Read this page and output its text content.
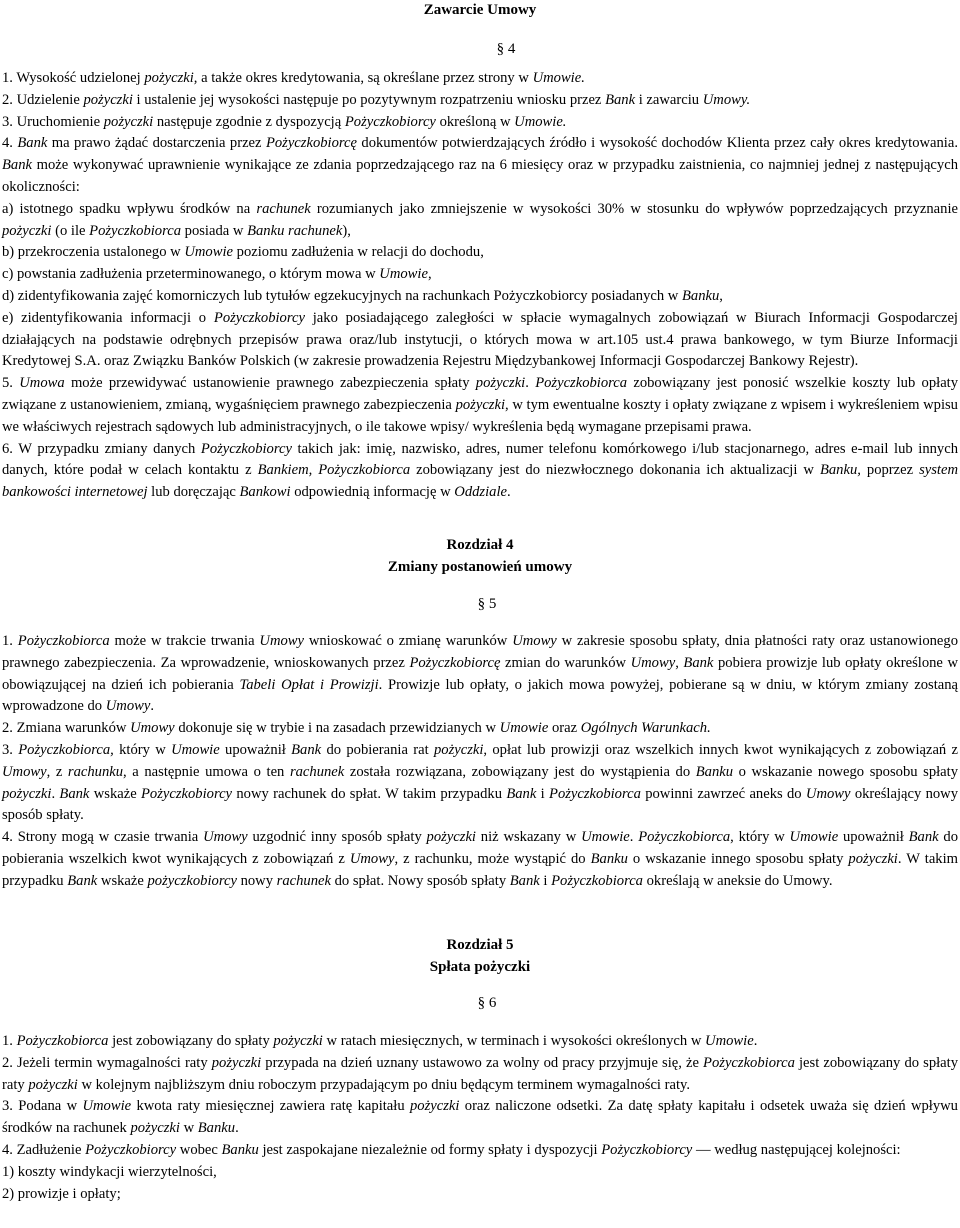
Zawarcie Umowy
§ 4

1. Wysokość udzielonej pożyczki, a także okres kredytowania, są określane przez strony w Umowie.

2. Udzielenie pożyczki i ustalenie jej wysokości następuje po pozytywnym rozpatrzeniu wniosku przez Bank i zawarciu Umowy.

3. Uruchomienie pożyczki następuje zgodnie z dyspozycją Pożyczkobiorcy określoną w Umowie.

4. Bank ma prawo żądać dostarczenia przez Pożyczkobiorcę dokumentów potwierdzających źródło i wysokość dochodów Klienta przez cały okres kredytowania. Bank może wykonywać uprawnienie wynikające ze zdania poprzedzającego raz na 6 miesięcy oraz w przypadku zaistnienia, co najmniej jednej z następujących okoliczności:

a) istotnego spadku wpływu środków na rachunek rozumianych jako zmniejszenie w wysokości 30% w stosunku do wpływów poprzedzających przyznanie pożyczki (o ile Pożyczkobiorca posiada w Banku rachunek),

b) przekroczenia ustalonego w Umowie poziomu zadłużenia w relacji do dochodu,

c) powstania zadłużenia przeterminowanego, o którym mowa w Umowie,

d) zidentyfikowania zajęć komorniczych lub tytułów egzekucyjnych na rachunkach Pożyczkobiorcy posiadanych w Banku,

e) zidentyfikowania informacji o Pożyczkobiorcy jako posiadającego zaległości w spłacie wymagalnych zobowiązań w Biurach Informacji Gospodarczej działających na podstawie odrębnych przepisów prawa oraz/lub instytucji, o których mowa w art.105 ust.4 prawa bankowego, w tym Biurze Informacji Kredytowej S.A. oraz Związku Banków Polskich (w zakresie prowadzenia Rejestru Międzybankowej Informacji Gospodarczej Bankowy Rejestr).

5. Umowa może przewidywać ustanowienie prawnego zabezpieczenia spłaty pożyczki. Pożyczkobiorca zobowiązany jest ponosić wszelkie koszty lub opłaty związane z ustanowieniem, zmianą, wygaśnięciem prawnego zabezpieczenia pożyczki, w tym ewentualne koszty i opłaty związane z wpisem i wykreśleniem wpisu we właściwych rejestrach sądowych lub administracyjnych, o ile takowe wpisy/ wykreślenia będą wymagane przepisami prawa.

6. W przypadku zmiany danych Pożyczkobiorcy takich jak: imię, nazwisko, adres, numer telefonu komórkowego i/lub stacjonarnego, adres e-mail lub innych danych, które podał w celach kontaktu z Bankiem, Pożyczkobiorca zobowiązany jest do niezwłocznego dokonania ich aktualizacji w Banku, poprzez system bankowości internetowej lub doręczając Bankowi odpowiednią informację w Oddziale.

Rozdział 4
Zmiany postanowień umowy
§ 5

1. Pożyczkobiorca może w trakcie trwania Umowy wnioskować o zmianę warunków Umowy w zakresie sposobu spłaty, dnia płatności raty oraz ustanowionego prawnego zabezpieczenia. Za wprowadzenie, wnioskowanych przez Pożyczkobiorcę zmian do warunków Umowy, Bank pobiera prowizje lub opłaty określone w obowiązującej na dzień ich pobierania Tabeli Opłat i Prowizji. Prowizje lub opłaty, o jakich mowa powyżej, pobierane są w dniu, w którym zmiany zostaną wprowadzone do Umowy.

2. Zmiana warunków Umowy dokonuje się w trybie i na zasadach przewidzianych w Umowie oraz Ogólnych Warunkach.

3. Pożyczkobiorca, który w Umowie upoważnił Bank do pobierania rat pożyczki, opłat lub prowizji oraz wszelkich innych kwot wynikających z zobowiązań z Umowy, z rachunku, a następnie umowa o ten rachunek została rozwiązana, zobowiązany jest do wystąpienia do Banku o wskazanie nowego sposobu spłaty pożyczki. Bank wskaże Pożyczkobiorcy nowy rachunek do spłat. W takim przypadku Bank i Pożyczkobiorca powinni zawrzeć aneks do Umowy określający nowy sposób spłaty.

4. Strony mogą w czasie trwania Umowy uzgodnić inny sposób spłaty pożyczki niż wskazany w Umowie. Pożyczkobiorca, który w Umowie upoważnił Bank do pobierania wszelkich kwot wynikających z zobowiązań z Umowy, z rachunku, może wystąpić do Banku o wskazanie innego sposobu spłaty pożyczki. W takim przypadku Bank wskaże pożyczkobiorcy nowy rachunek do spłat. Nowy sposób spłaty Bank i Pożyczkobiorca określają w aneksie do Umowy.

Rozdział 5
Spłata pożyczki
§ 6

1. Pożyczkobiorca jest zobowiązany do spłaty pożyczki w ratach miesięcznych, w terminach i wysokości określonych w Umowie.

2. Jeżeli termin wymagalności raty pożyczki przypada na dzień uznany ustawowo za wolny od pracy przyjmuje się, że Pożyczkobiorca jest zobowiązany do spłaty raty pożyczki w kolejnym najbliższym dniu roboczym przypadającym po dniu będącym terminem wymagalności raty.

3. Podana w Umowie kwota raty miesięcznej zawiera ratę kapitału pożyczki oraz naliczone odsetki. Za datę spłaty kapitału i odsetek uważa się dzień wpływu środków na rachunek pożyczki w Banku.

4. Zadłużenie Pożyczkobiorcy wobec Banku jest zaspokajane niezależnie od formy spłaty i dyspozycji Pożyczkobiorcy — według następującej kolejności:

1) koszty windykacji wierzytelności,

2) prowizje i opłaty;
